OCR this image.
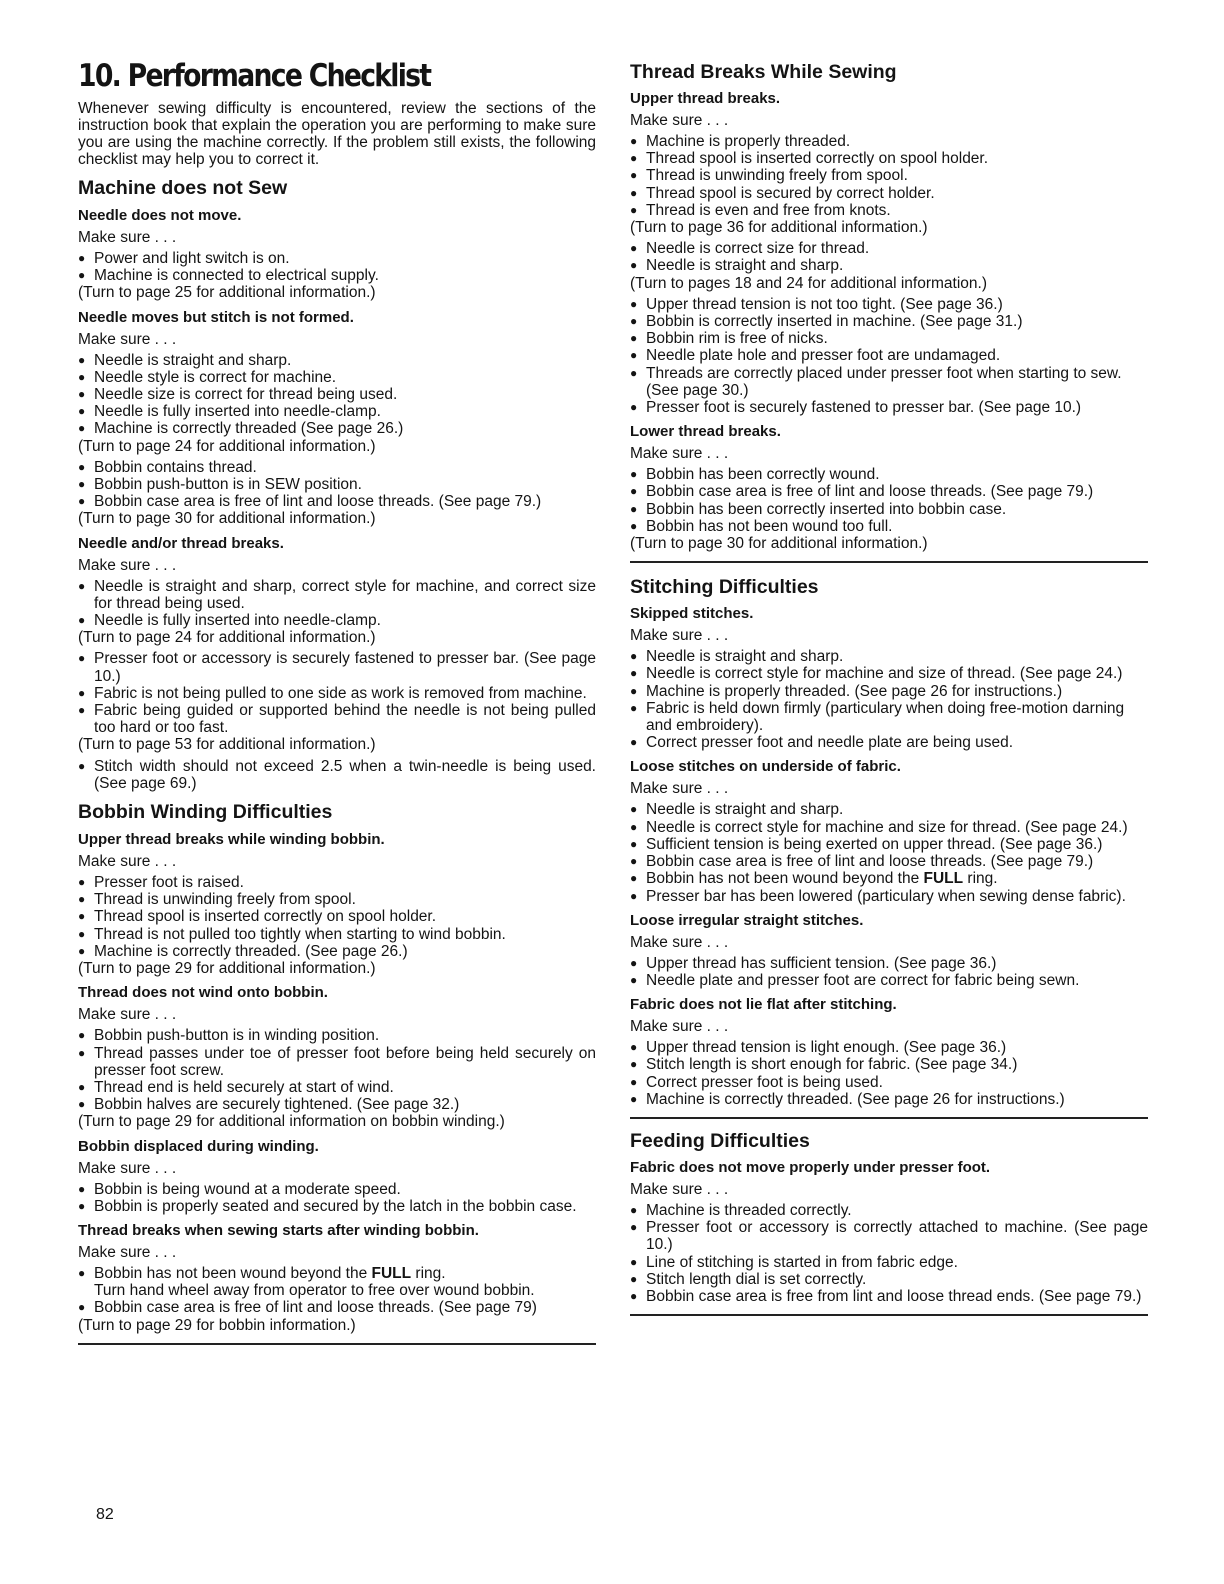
10. Performance Checklist

Whenever sewing difficulty is encountered, review the sections of the instruction book that explain the operation you are performing to make sure you are using the machine correctly. If the problem still exists, the following checklist may help you to correct it.

Machine does not Sew
Needle does not move.
Make sure . . .
● Power and light switch is on.
● Machine is connected to electrical supply.
(Turn to page 25 for additional information.)
Needle moves but stitch is not formed.
Make sure . . .
● Needle is straight and sharp.
● Needle style is correct for machine.
● Needle size is correct for thread being used.
● Needle is fully inserted into needle-clamp.
● Machine is correctly threaded (See page 26.)
(Turn to page 24 for additional information.)
● Bobbin contains thread.
● Bobbin push-button is in SEW position.
● Bobbin case area is free of lint and loose threads. (See page 79.)
(Turn to page 30 for additional information.)
Needle and/or thread breaks.
Make sure . . .
● Needle is straight and sharp, correct style for machine, and correct size for thread being used.
● Needle is fully inserted into needle-clamp.
(Turn to page 24 for additional information.)
● Presser foot or accessory is securely fastened to presser bar. (See page 10.)
● Fabric is not being pulled to one side as work is removed from machine.
● Fabric being guided or supported behind the needle is not being pulled too hard or too fast.
(Turn to page 53 for additional information.)
● Stitch width should not exceed 2.5 when a twin-needle is being used. (See page 69.)
Bobbin Winding Difficulties
Upper thread breaks while winding bobbin.
Make sure . . .
● Presser foot is raised.
● Thread is unwinding freely from spool.
● Thread spool is inserted correctly on spool holder.
● Thread is not pulled too tightly when starting to wind bobbin.
● Machine is correctly threaded. (See page 26.)
(Turn to page 29 for additional information.)
Thread does not wind onto bobbin.
Make sure . . .
● Bobbin push-button is in winding position.
● Thread passes under toe of presser foot before being held securely on presser foot screw.
● Thread end is held securely at start of wind.
● Bobbin halves are securely tightened. (See page 32.)
(Turn to page 29 for additional information on bobbin winding.)
Bobbin displaced during winding.
Make sure . . .
● Bobbin is being wound at a moderate speed.
● Bobbin is properly seated and secured by the latch in the bobbin case.
Thread breaks when sewing starts after winding bobbin.
Make sure . . .
● Bobbin has not been wound beyond the FULL ring.
Turn hand wheel away from operator to free over wound bobbin.
● Bobbin case area is free of lint and loose threads. (See page 79)
(Turn to page 29 for bobbin information.)
Thread Breaks While Sewing
Upper thread breaks.
Make sure . . .
● Machine is properly threaded.
● Thread spool is inserted correctly on spool holder.
● Thread is unwinding freely from spool.
● Thread spool is secured by correct holder.
● Thread is even and free from knots.
(Turn to page 36 for additional information.)
● Needle is correct size for thread.
● Needle is straight and sharp.
(Turn to pages 18 and 24 for additional information.)
● Upper thread tension is not too tight. (See page 36.)
● Bobbin is correctly inserted in machine. (See page 31.)
● Bobbin rim is free of nicks.
● Needle plate hole and presser foot are undamaged.
● Threads are correctly placed under presser foot when starting to sew. (See page 30.)
● Presser foot is securely fastened to presser bar. (See page 10.)
Lower thread breaks.
Make sure . . .
● Bobbin has been correctly wound.
● Bobbin case area is free of lint and loose threads. (See page 79.)
● Bobbin has been correctly inserted into bobbin case.
● Bobbin has not been wound too full.
(Turn to page 30 for additional information.)
Stitching Difficulties
Skipped stitches.
Make sure . . .
● Needle is straight and sharp.
● Needle is correct style for machine and size of thread. (See page 24.)
● Machine is properly threaded. (See page 26 for instructions.)
● Fabric is held down firmly (particulary when doing free-motion darning and embroidery).
● Correct presser foot and needle plate are being used.
Loose stitches on underside of fabric.
Make sure . . .
● Needle is straight and sharp.
● Needle is correct style for machine and size for thread. (See page 24.)
● Sufficient tension is being exerted on upper thread. (See page 36.)
● Bobbin case area is free of lint and loose threads. (See page 79.)
● Bobbin has not been wound beyond the FULL ring.
● Presser bar has been lowered (particulary when sewing dense fabric).
Loose irregular straight stitches.
Make sure . . .
● Upper thread has sufficient tension. (See page 36.)
● Needle plate and presser foot are correct for fabric being sewn.
Fabric does not lie flat after stitching.
Make sure . . .
● Upper thread tension is light enough. (See page 36.)
● Stitch length is short enough for fabric. (See page 34.)
● Correct presser foot is being used.
● Machine is correctly threaded. (See page 26 for instructions.)
Feeding Difficulties
Fabric does not move properly under presser foot.
Make sure . . .
● Machine is threaded correctly.
● Presser foot or accessory is correctly attached to machine. (See page 10.)
● Line of stitching is started in from fabric edge.
● Stitch length dial is set correctly.
● Bobbin case area is free from lint and loose thread ends. (See page 79.)
82
